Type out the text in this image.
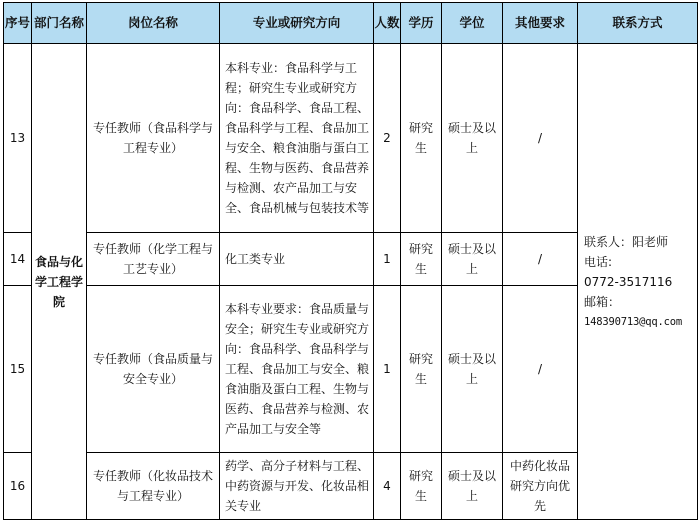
序号	部门名称	岗位名称	专业或研究方向	人数	学历	学位	其他要求	联系方式
13	食品与化学工程学院	专任教师（食品科学与工程专业）	本科专业：食品科学与工程；研究生专业或研究方向：食品科学、食品工程、食品科学与工程、食品加工与安全、粮食油脂与蛋白工程、生物与医药、食品营养与检测、农产品加工与安全、食品机械与包装技术等	2	研究生	硕士及以上	/	联系人：阳老师
电话:
0772-3517116
邮箱：
148390713@qq.com

14		专任教师（化学工程与工艺专业）	化工类专业	1	研究生	硕士及以上	/	
15		专任教师（食品质量与安全专业）	本科专业要求：食品质量与安全；研究生专业或研究方向：食品科学、食品科学与工程、食品加工与安全、粮食油脂及蛋白工程、生物与医药、食品营养与检测、农产品加工与安全等	1	研究生	硕士及以上	/	
16		专任教师（化妆品技术与工程专业）	药学、高分子材料与工程、中药资源与开发、化妆品相关专业	4	研究生	硕士及以上	中药化妆品研究方向优先	
